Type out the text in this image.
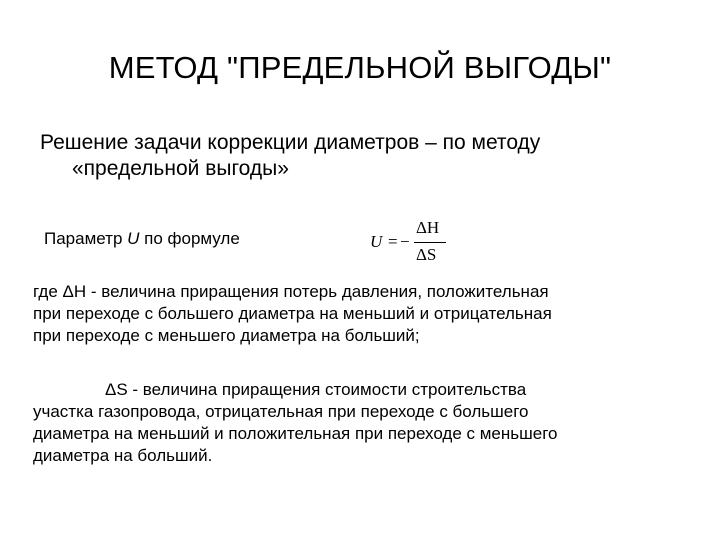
МЕТОД "ПРЕДЕЛЬНОЙ ВЫГОДЫ"
Решение задачи коррекции диаметров – по методу
«предельной выгоды»
Параметр U по формуле	U = −
ΔH
ΔS
где ΔН - величина приращения потерь давления, положительная
при переходе с большего диаметра на меньший и отрицательная
при переходе с меньшего диаметра на больший;
ΔS - величина приращения стоимости строительства
участка газопровода, отрицательная при переходе с большего
диаметра на меньший и положительная при переходе с меньшего
диаметра на больший.
